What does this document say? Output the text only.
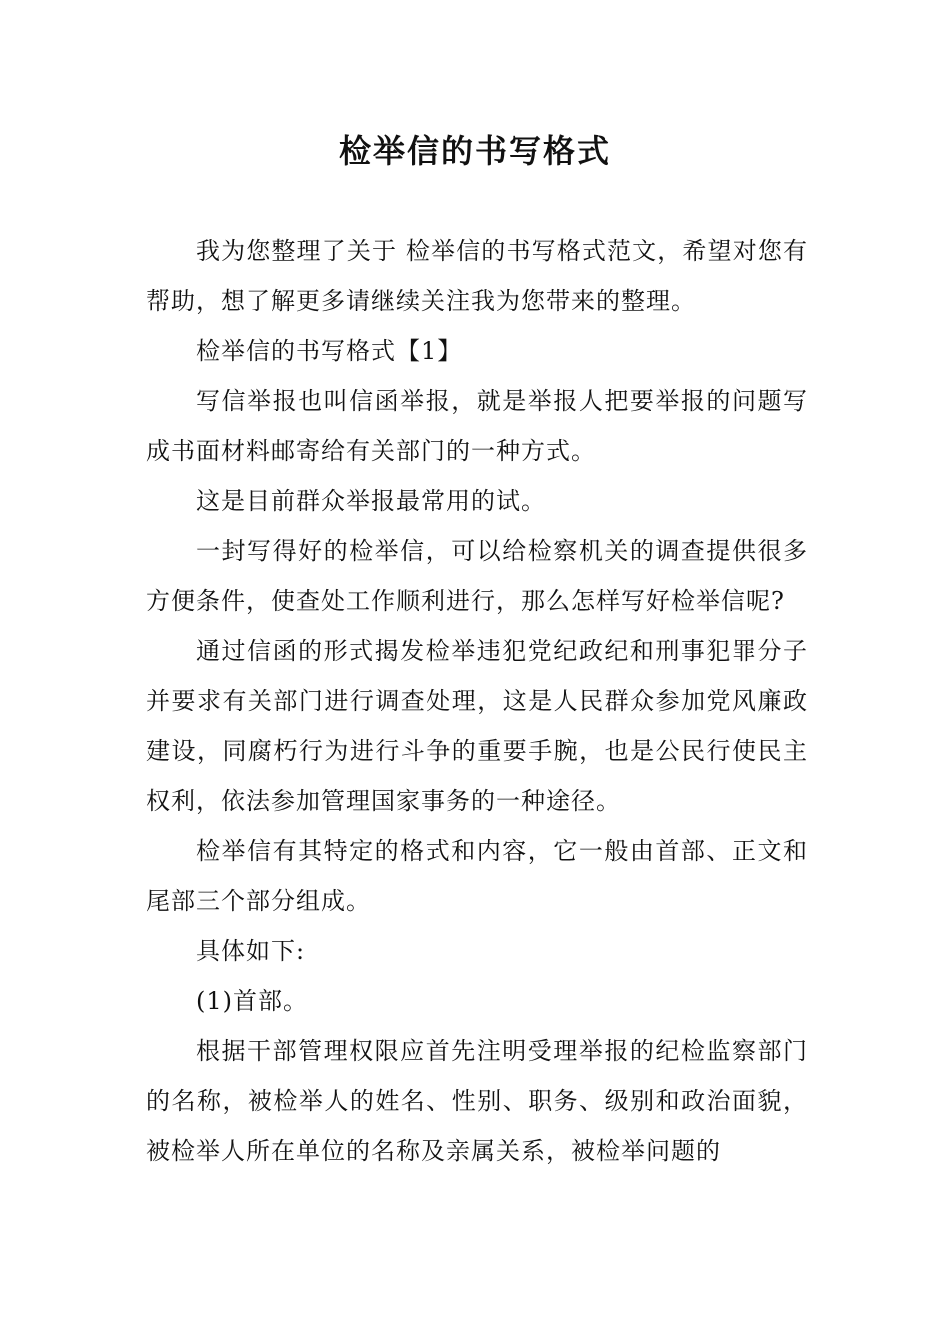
检举信的书写格式

我为您整理了关于 检举信的书写格式范文，希望对您有帮助，想了解更多请继续关注我为您带来的整理。

检举信的书写格式【1】

写信举报也叫信函举报，就是举报人把要举报的问题写成书面材料邮寄给有关部门的一种方式。

这是目前群众举报最常用的试。

一封写得好的检举信，可以给检察机关的调查提供很多方便条件，使查处工作顺利进行，那么怎样写好检举信呢?

通过信函的形式揭发检举违犯党纪政纪和刑事犯罪分子并要求有关部门进行调查处理，这是人民群众参加党风廉政建设，同腐朽行为进行斗争的重要手腕，也是公民行使民主权利，依法参加管理国家事务的一种途径。

检举信有其特定的格式和内容，它一般由首部、正文和尾部三个部分组成。

具体如下:

(1)首部。

根据干部管理权限应首先注明受理举报的纪检监察部门的名称，被检举人的姓名、性别、职务、级别和政治面貌，被检举人所在单位的名称及亲属关系，被检举问题的
